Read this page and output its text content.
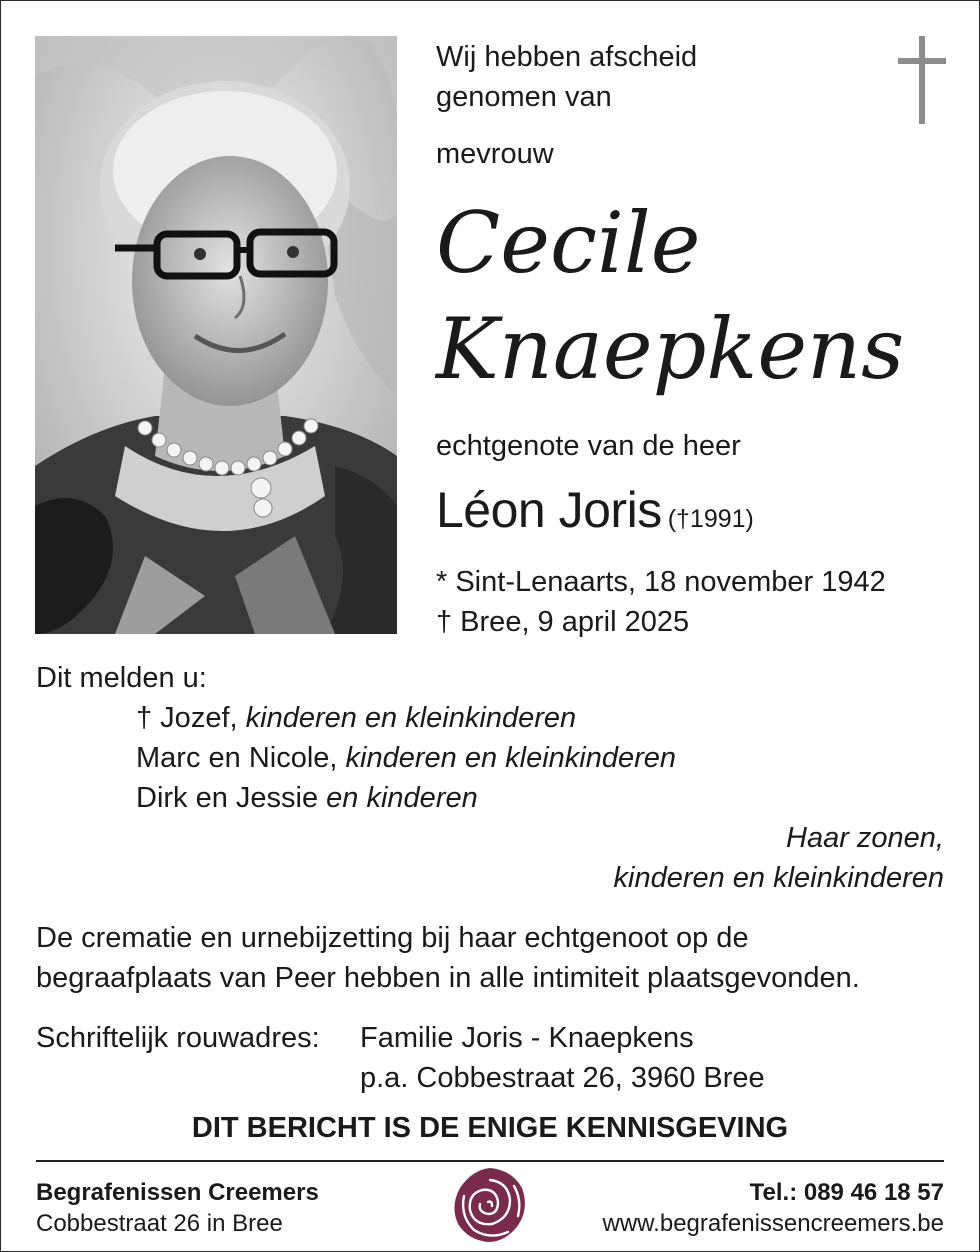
Wij hebben afscheid
genomen van
mevrouw
Cecile
Knaepkens
echtgenote van de heer
Léon Joris (†1991)
* Sint-Lenaarts, 18 november 1942
† Bree, 9 april 2025
Dit melden u:
† Jozef, kinderen en kleinkinderen
Marc en Nicole, kinderen en kleinkinderen
Dirk en Jessie en kinderen
Haar zonen,
kinderen en kleinkinderen
De crematie en urnebijzetting bij haar echtgenoot op de
begraafplaats van Peer hebben in alle intimiteit plaatsgevonden.
Schriftelijk rouwadres: Familie Joris - Knaepkens
p.a. Cobbestraat 26, 3960 Bree
DIT BERICHT IS DE ENIGE KENNISGEVING
Begrafenissen Creemers
Cobbestraat 26 in Bree
Tel.: 089 46 18 57
www.begrafenissencreemers.be
